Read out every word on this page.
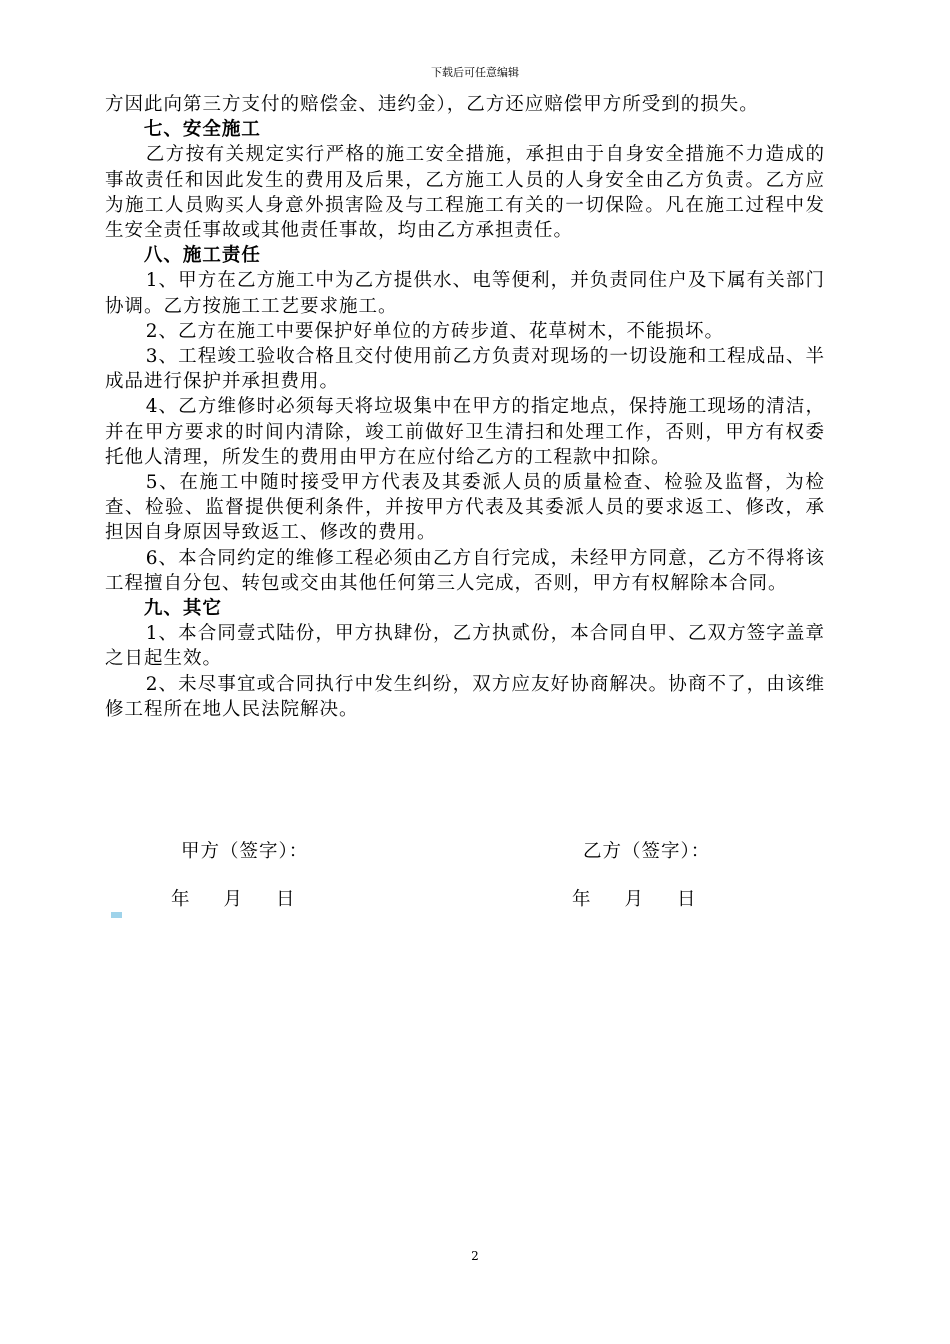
下载后可任意编辑

方因此向第三方支付的赔偿金、违约金），乙方还应赔偿甲方所受到的损失。

七、安全施工

乙方按有关规定实行严格的施工安全措施，承担由于自身安全措施不力造成的事故责任和因此发生的费用及后果，乙方施工人员的人身安全由乙方负责。乙方应为施工人员购买人身意外损害险及与工程施工有关的一切保险。凡在施工过程中发生安全责任事故或其他责任事故，均由乙方承担责任。

八、施工责任

1、甲方在乙方施工中为乙方提供水、电等便利，并负责同住户及下属有关部门协调。乙方按施工工艺要求施工。

2、乙方在施工中要保护好单位的方砖步道、花草树木，不能损坏。

3、工程竣工验收合格且交付使用前乙方负责对现场的一切设施和工程成品、半成品进行保护并承担费用。

4、乙方维修时必须每天将垃圾集中在甲方的指定地点，保持施工现场的清洁，并在甲方要求的时间内清除，竣工前做好卫生清扫和处理工作，否则，甲方有权委托他人清理，所发生的费用由甲方在应付给乙方的工程款中扣除。

5、在施工中随时接受甲方代表及其委派人员的质量检查、检验及监督，为检查、检验、监督提供便利条件，并按甲方代表及其委派人员的要求返工、修改，承担因自身原因导致返工、修改的费用。

6、本合同约定的维修工程必须由乙方自行完成，未经甲方同意，乙方不得将该工程擅自分包、转包或交由其他任何第三人完成，否则，甲方有权解除本合同。

九、其它

1、本合同壹式陆份，甲方执肆份，乙方执贰份，本合同自甲、乙双方签字盖章之日起生效。

2、未尽事宜或合同执行中发生纠纷，双方应友好协商解决。协商不了，由该维修工程所在地人民法院解决。

甲方（签字）：	乙方（签字）：
年 月 日	年 月 日
2
